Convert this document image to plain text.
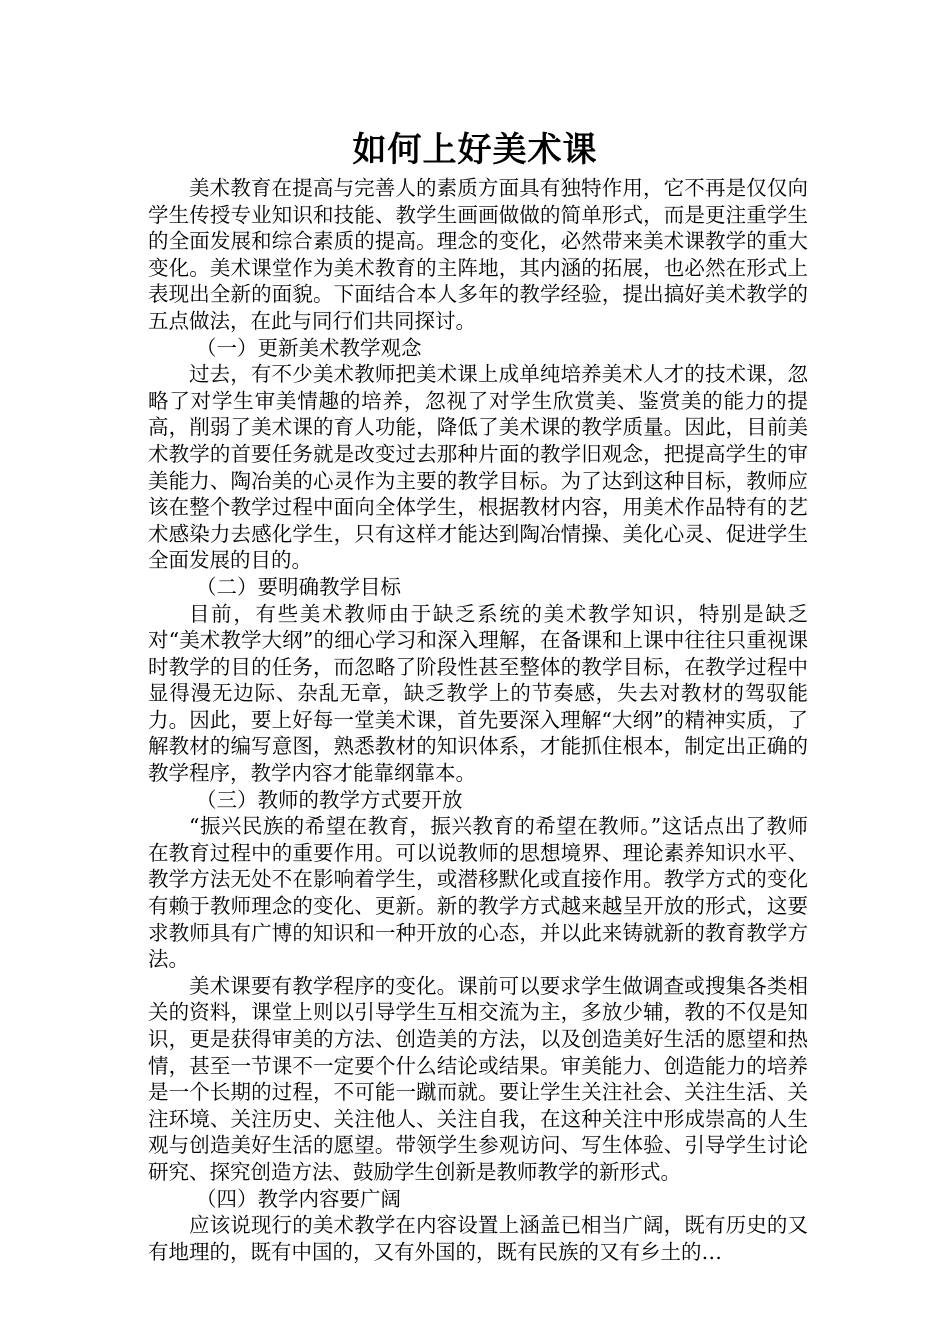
如何上好美术课

美术教育在提高与完善人的素质方面具有独特作用，它不再是仅仅向学生传授专业知识和技能、教学生画画做做的简单形式，而是更注重学生的全面发展和综合素质的提高。理念的变化，必然带来美术课教学的重大变化。美术课堂作为美术教育的主阵地，其内涵的拓展，也必然在形式上表现出全新的面貌。下面结合本人多年的教学经验，提出搞好美术教学的五点做法，在此与同行们共同探讨。

（一）更新美术教学观念

过去，有不少美术教师把美术课上成单纯培养美术人才的技术课，忽略了对学生审美情趣的培养，忽视了对学生欣赏美、鉴赏美的能力的提高，削弱了美术课的育人功能，降低了美术课的教学质量。因此，目前美术教学的首要任务就是改变过去那种片面的教学旧观念，把提高学生的审美能力、陶冶美的心灵作为主要的教学目标。为了达到这种目标，教师应该在整个教学过程中面向全体学生，根据教材内容，用美术作品特有的艺术感染力去感化学生，只有这样才能达到陶冶情操、美化心灵、促进学生全面发展的目的。

（二）要明确教学目标

目前，有些美术教师由于缺乏系统的美术教学知识，特别是缺乏对“美术教学大纲”的细心学习和深入理解，在备课和上课中往往只重视课时教学的目的任务，而忽略了阶段性甚至整体的教学目标，在教学过程中显得漫无边际、杂乱无章，缺乏教学上的节奏感，失去对教材的驾驭能力。因此，要上好每一堂美术课，首先要深入理解“大纲”的精神实质，了解教材的编写意图，熟悉教材的知识体系，才能抓住根本，制定出正确的教学程序，教学内容才能靠纲靠本。

（三）教师的教学方式要开放

“振兴民族的希望在教育，振兴教育的希望在教师。”这话点出了教师在教育过程中的重要作用。可以说教师的思想境界、理论素养知识水平、教学方法无处不在影响着学生，或潜移默化或直接作用。教学方式的变化有赖于教师理念的变化、更新。新的教学方式越来越呈开放的形式，这要求教师具有广博的知识和一种开放的心态，并以此来铸就新的教育教学方法。

美术课要有教学程序的变化。课前可以要求学生做调查或搜集各类相关的资料，课堂上则以引导学生互相交流为主，多放少辅，教的不仅是知识，更是获得审美的方法、创造美的方法，以及创造美好生活的愿望和热情，甚至一节课不一定要个什么结论或结果。审美能力、创造能力的培养是一个长期的过程，不可能一蹴而就。要让学生关注社会、关注生活、关注环境、关注历史、关注他人、关注自我，在这种关注中形成崇高的人生观与创造美好生活的愿望。带领学生参观访问、写生体验、引导学生讨论研究、探究创造方法、鼓励学生创新是教师教学的新形式。

（四）教学内容要广阔

应该说现行的美术教学在内容设置上涵盖已相当广阔，既有历史的又有地理的，既有中国的，又有外国的，既有民族的又有乡土的…
